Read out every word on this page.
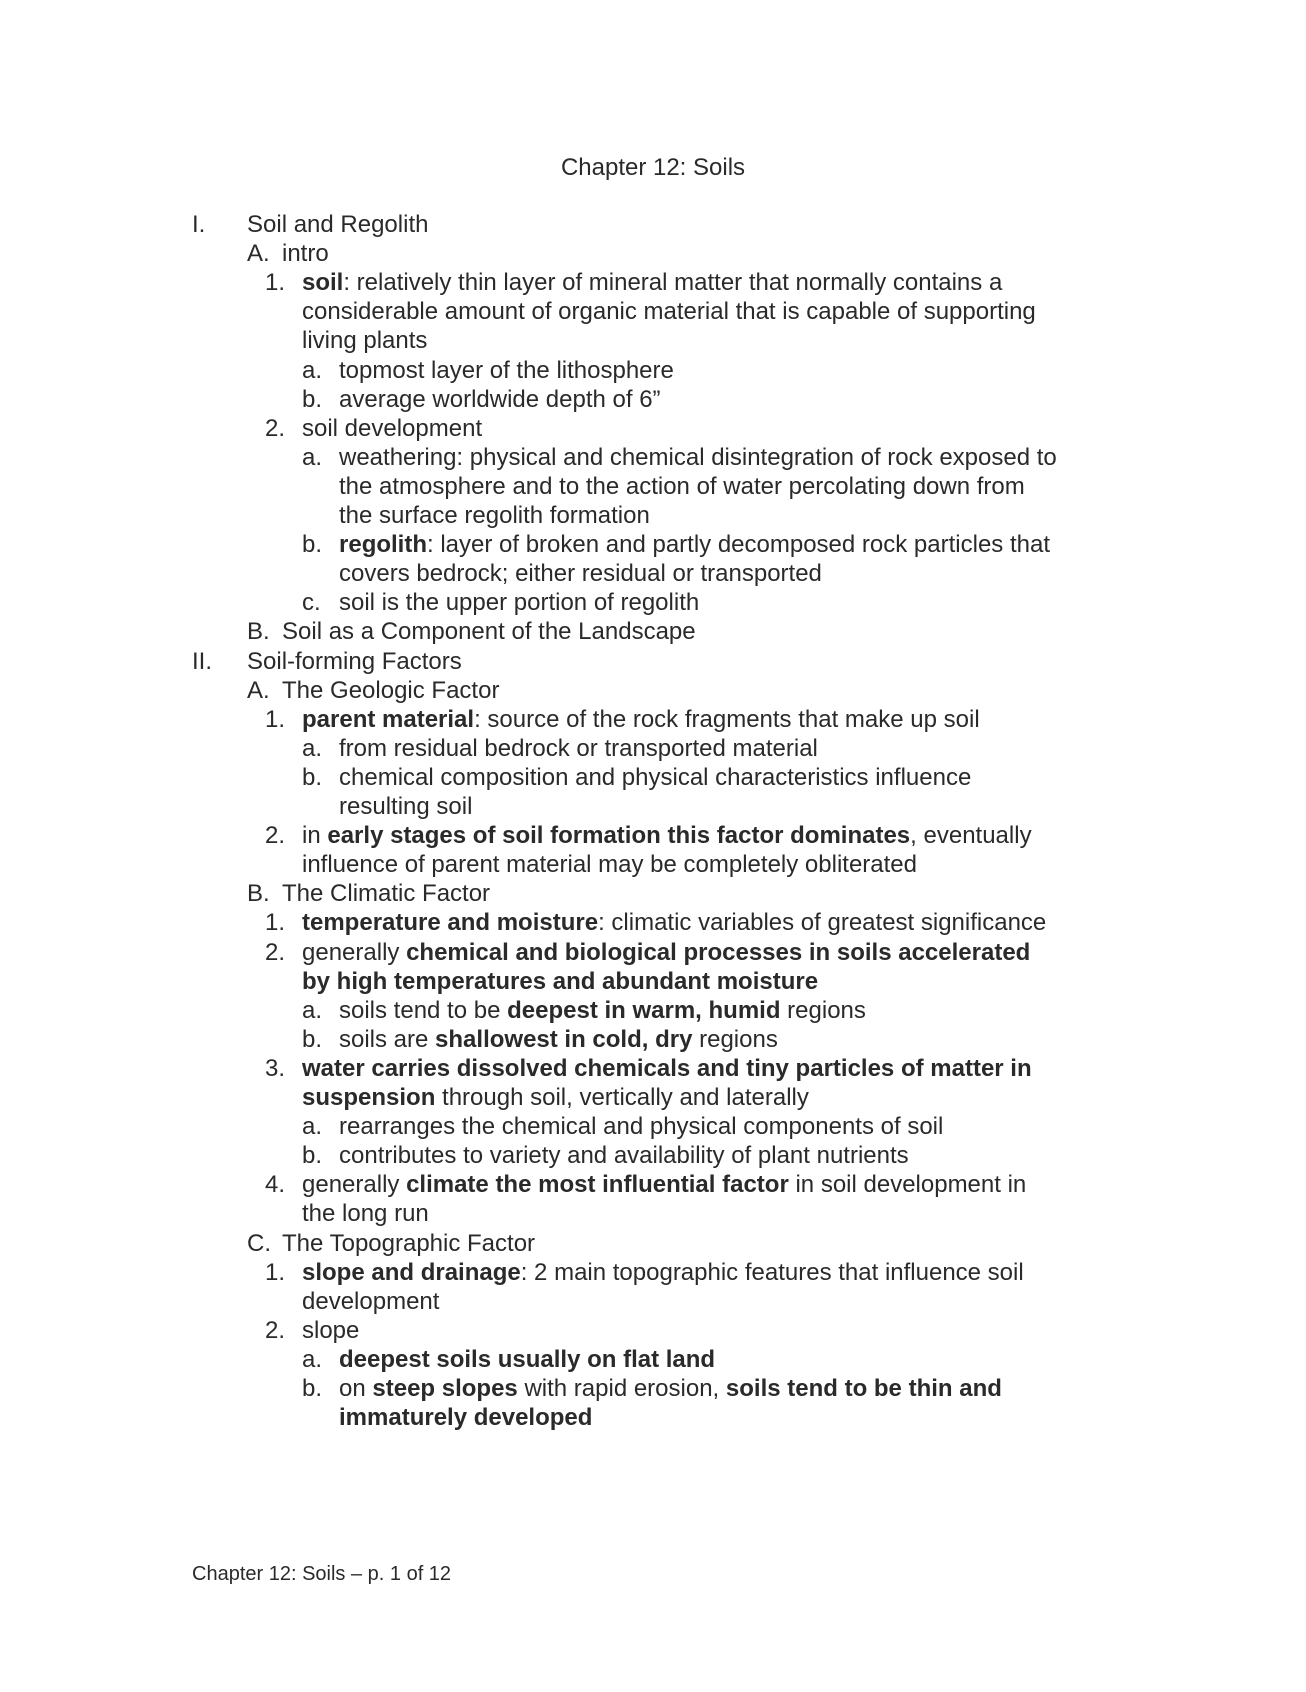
Chapter 12: Soils
I. Soil and Regolith
A. intro
1. soil: relatively thin layer of mineral matter that normally contains a
considerable amount of organic material that is capable of supporting
living plants
a. topmost layer of the lithosphere
b. average worldwide depth of 6”
2. soil development
a. weathering: physical and chemical disintegration of rock exposed to
the atmosphere and to the action of water percolating down from
the surface regolith formation
b. regolith: layer of broken and partly decomposed rock particles that
covers bedrock; either residual or transported
c. soil is the upper portion of regolith
B. Soil as a Component of the Landscape
II. Soil-forming Factors
A. The Geologic Factor
1. parent material: source of the rock fragments that make up soil
a. from residual bedrock or transported material
b. chemical composition and physical characteristics influence
resulting soil
2. in early stages of soil formation this factor dominates, eventually
influence of parent material may be completely obliterated
B. The Climatic Factor
1. temperature and moisture: climatic variables of greatest significance
2. generally chemical and biological processes in soils accelerated
by high temperatures and abundant moisture
a. soils tend to be deepest in warm, humid regions
b. soils are shallowest in cold, dry regions
3. water carries dissolved chemicals and tiny particles of matter in
suspension through soil, vertically and laterally
a. rearranges the chemical and physical components of soil
b. contributes to variety and availability of plant nutrients
4. generally climate the most influential factor in soil development in
the long run
C. The Topographic Factor
1. slope and drainage: 2 main topographic features that influence soil
development
2. slope
a. deepest soils usually on flat land
b. on steep slopes with rapid erosion, soils tend to be thin and
immaturely developed
Chapter 12: Soils – p. 1 of 12
